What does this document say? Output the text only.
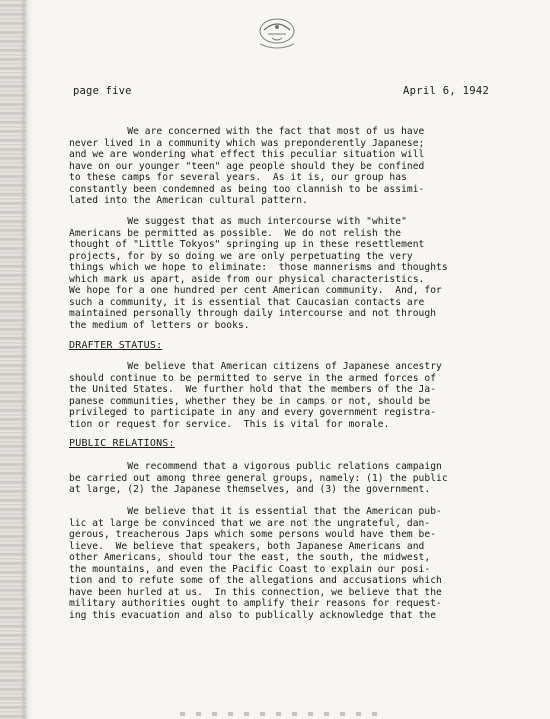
page five	April 6, 1942
We are concerned with the fact that most of us have
never lived in a community which was preponderently Japanese;
and we are wondering what effect this peculiar situation will
have on our younger "teen" age people should they be confined
to these camps for several years.  As it is, our group has
constantly been condemned as being too clannish to be assimi-
lated into the American cultural pattern.
We suggest that as much intercourse with "white"
Americans be permitted as possible.  We do not relish the
thought of "Little Tokyos" springing up in these resettlement
projects, for by so doing we are only perpetuating the very
things which we hope to eliminate:  those mannerisms and thoughts
which mark us apart, aside from our physical characteristics.
We hope for a one hundred per cent American community.  And, for
such a community, it is essential that Caucasian contacts are
maintained personally through daily intercourse and not through
the medium of letters or books.
DRAFTER STATUS:
We believe that American citizens of Japanese ancestry
should continue to be permitted to serve in the armed forces of
the United States.  We further hold that the members of the Ja-
panese communities, whether they be in camps or not, should be
privileged to participate in any and every government registra-
tion or request for service.  This is vital for morale.
PUBLIC RELATIONS:
We recommend that a vigorous public relations campaign
be carried out among three general groups, namely: (1) the public
at large, (2) the Japanese themselves, and (3) the government.
We believe that it is essential that the American pub-
lic at large be convinced that we are not the ungrateful, dan-
gerous, treacherous Japs which some persons would have them be-
lieve.  We believe that speakers, both Japanese Americans and
other Americans, should tour the east, the south, the midwest,
the mountains, and even the Pacific Coast to explain our posi-
tion and to refute some of the allegations and accusations which
have been hurled at us.  In this connection, we believe that the
military authorities ought to amplify their reasons for request-
ing this evacuation and also to publically acknowledge that the
